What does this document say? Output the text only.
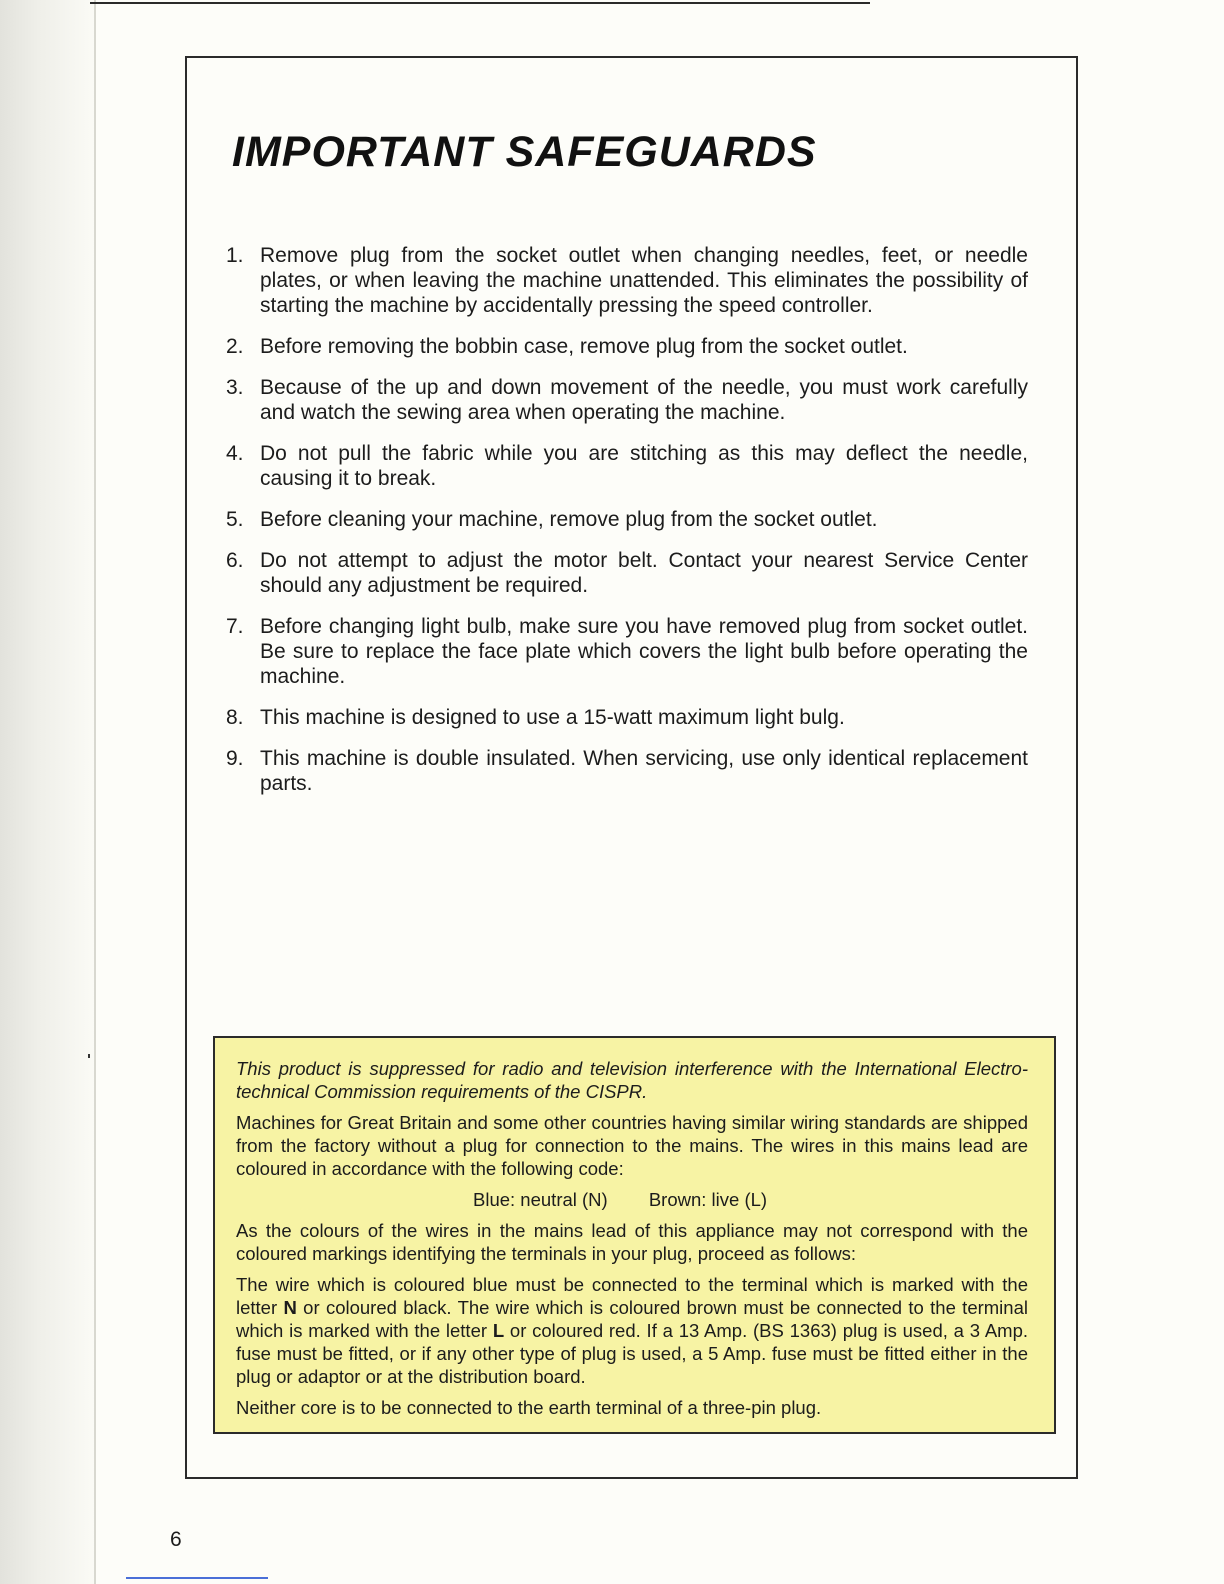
IMPORTANT SAFEGUARDS
1. Remove plug from the socket outlet when changing needles, feet, or needle plates, or when leaving the machine unattended. This eliminates the possibility of starting the machine by accidentally pressing the speed controller.
2. Before removing the bobbin case, remove plug from the socket outlet.
3. Because of the up and down movement of the needle, you must work carefully and watch the sewing area when operating the machine.
4. Do not pull the fabric while you are stitching as this may deflect the needle, causing it to break.
5. Before cleaning your machine, remove plug from the socket outlet.
6. Do not attempt to adjust the motor belt. Contact your nearest Service Center should any adjustment be required.
7. Before changing light bulb, make sure you have removed plug from socket outlet. Be sure to replace the face plate which covers the light bulb before operating the machine.
8. This machine is designed to use a 15-watt maximum light bulg.
9. This machine is double insulated. When servicing, use only identical replacement parts.

This product is suppressed for radio and television interference with the International Electro-technical Commission requirements of the CISPR.

Machines for Great Britain and some other countries having similar wiring standards are shipped from the factory without a plug for connection to the mains. The wires in this mains lead are coloured in accordance with the following code:

Blue: neutral (N) Brown: live (L)

As the colours of the wires in the mains lead of this appliance may not correspond with the coloured markings identifying the terminals in your plug, proceed as follows:

The wire which is coloured blue must be connected to the terminal which is marked with the letter N or coloured black. The wire which is coloured brown must be connected to the terminal which is marked with the letter L or coloured red. If a 13 Amp. (BS 1363) plug is used, a 3 Amp. fuse must be fitted, or if any other type of plug is used, a 5 Amp. fuse must be fitted either in the plug or adaptor or at the distribution board.

Neither core is to be connected to the earth terminal of a three-pin plug.

6
